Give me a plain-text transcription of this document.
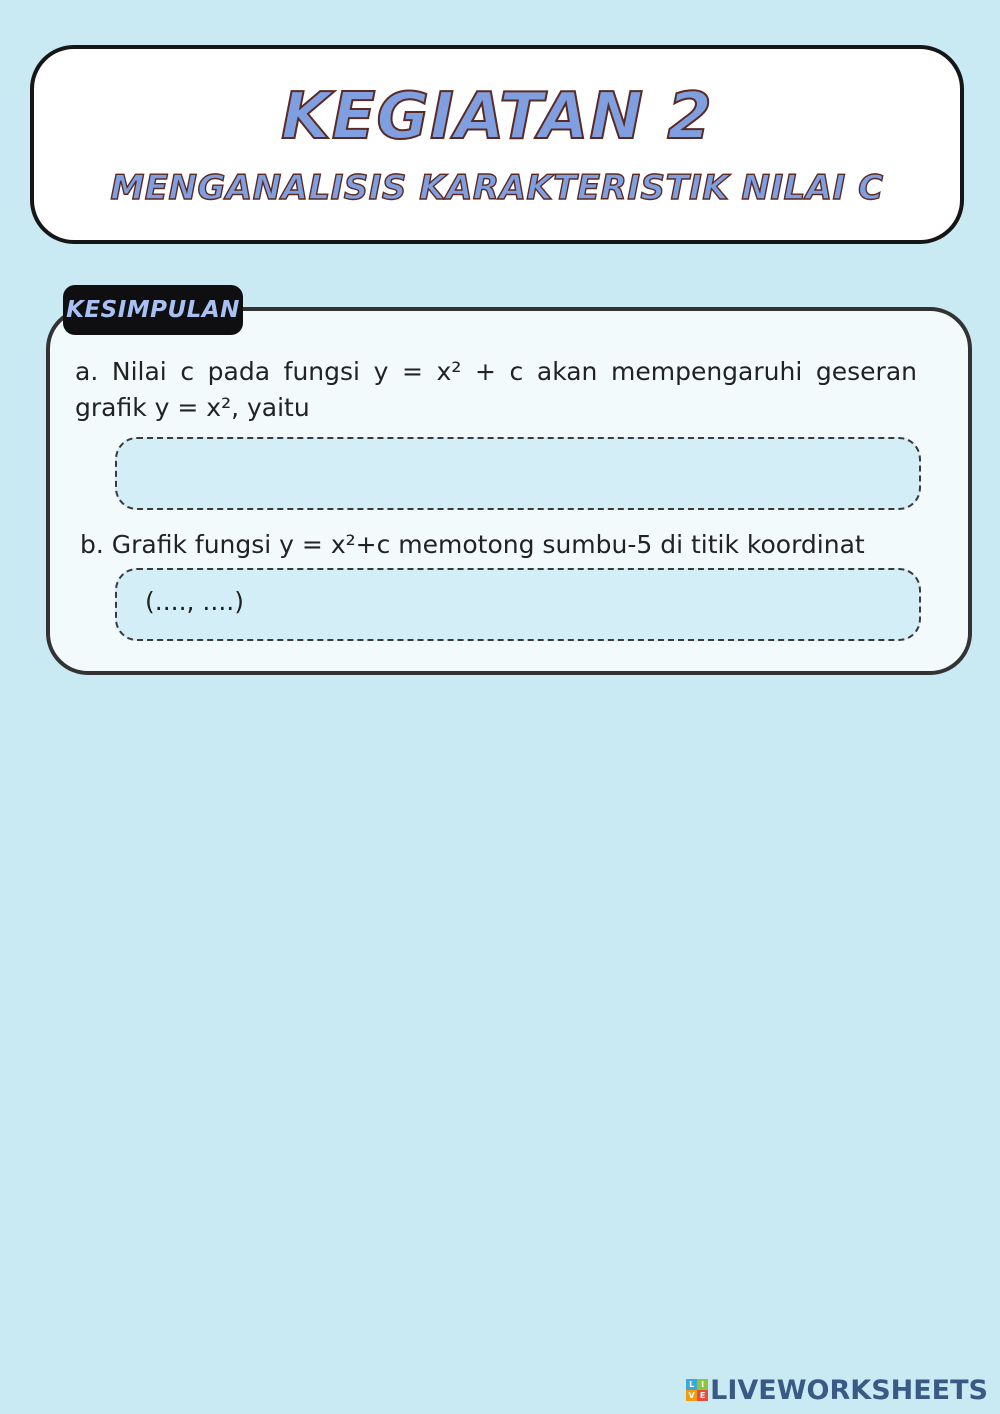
KEGIATAN 2
MENGANALISIS KARAKTERISTIK NILAI C
KESIMPULAN
a. Nilai c pada fungsi y = x² + c akan mempengaruhi geseran grafik y = x², yaitu
b. Grafik fungsi y = x²+c memotong sumbu-5 di titik koordinat
(...., ....)
L I
V E LIVEWORKSHEETS
